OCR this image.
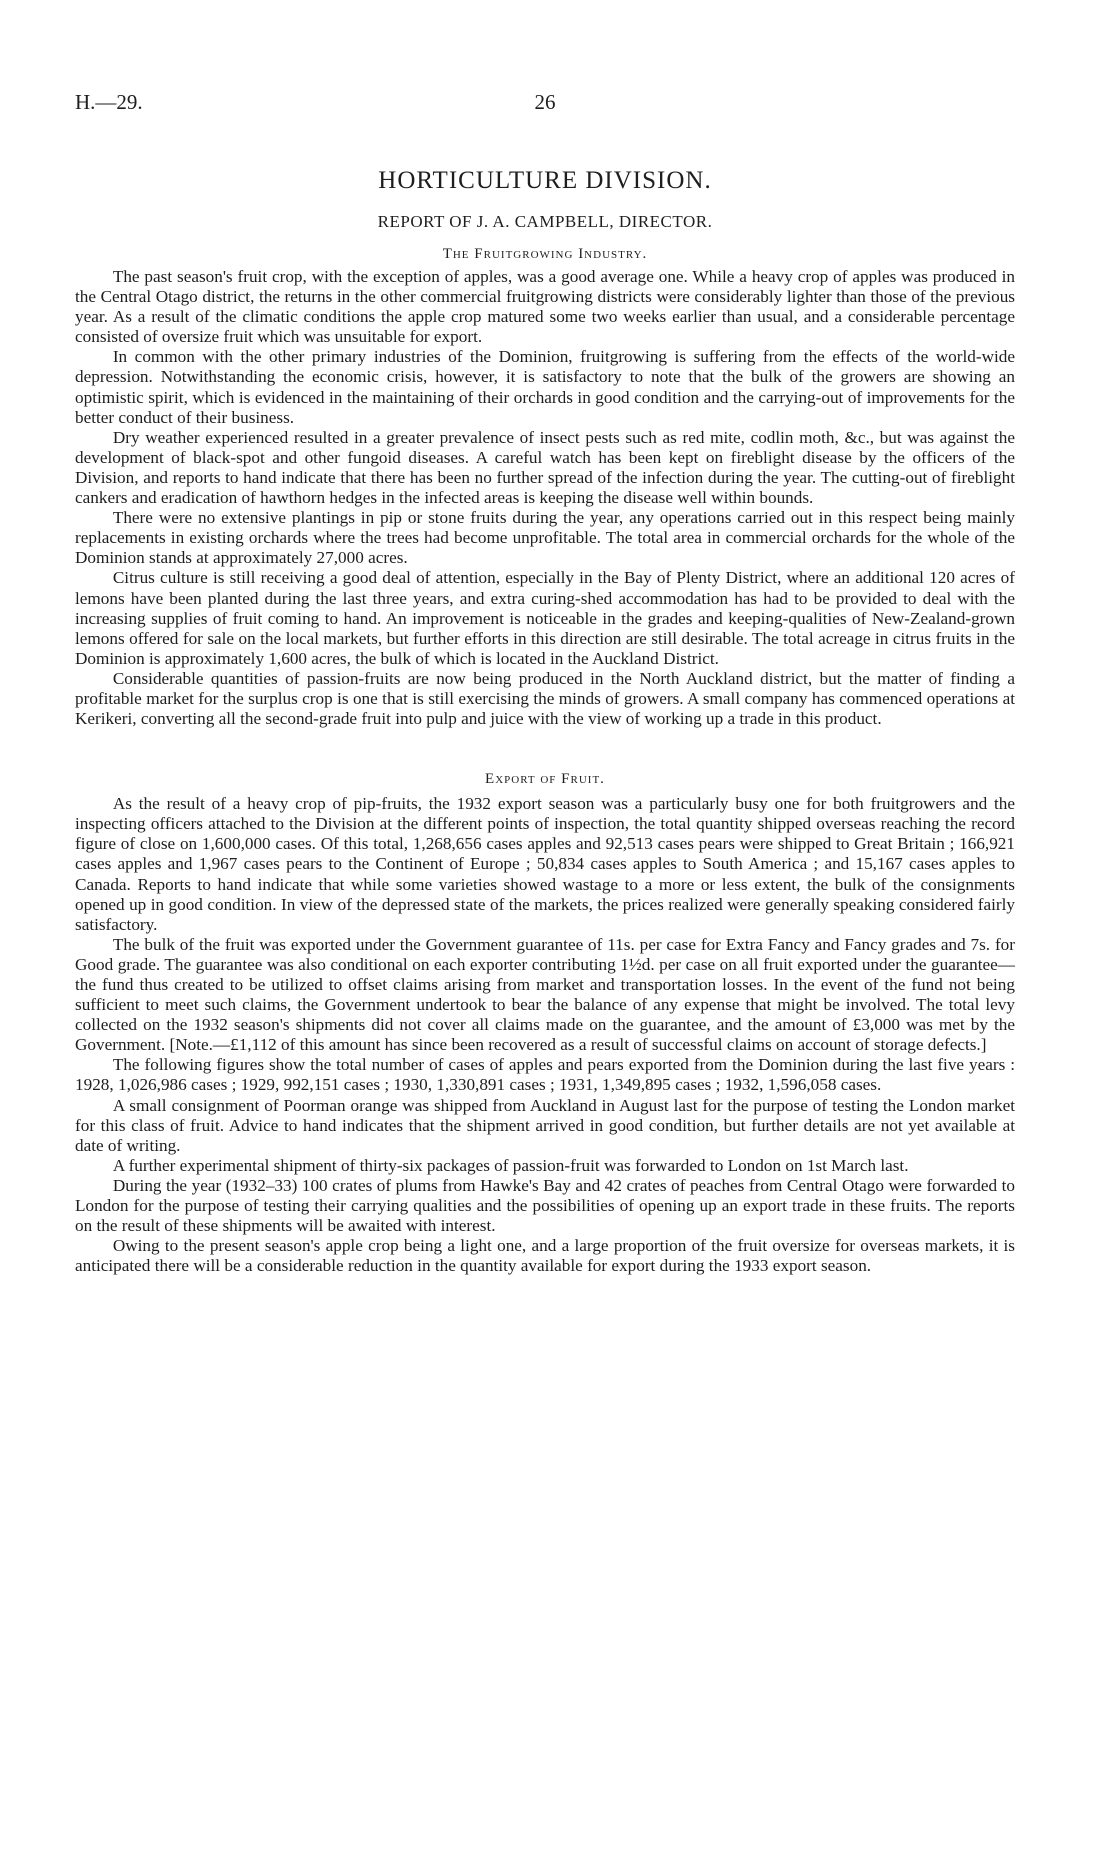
H.—29.	26
HORTICULTURE DIVISION.
REPORT OF J. A. CAMPBELL, DIRECTOR.
The Fruitgrowing Industry.

The past season's fruit crop, with the exception of apples, was a good average one. While a heavy crop of apples was produced in the Central Otago district, the returns in the other commercial fruitgrowing districts were considerably lighter than those of the previous year. As a result of the climatic conditions the apple crop matured some two weeks earlier than usual, and a considerable percentage consisted of oversize fruit which was unsuitable for export.

In common with the other primary industries of the Dominion, fruitgrowing is suffering from the effects of the world-wide depression. Notwithstanding the economic crisis, however, it is satisfactory to note that the bulk of the growers are showing an optimistic spirit, which is evidenced in the maintaining of their orchards in good condition and the carrying-out of improvements for the better conduct of their business.

Dry weather experienced resulted in a greater prevalence of insect pests such as red mite, codlin moth, &c., but was against the development of black-spot and other fungoid diseases. A careful watch has been kept on fireblight disease by the officers of the Division, and reports to hand indicate that there has been no further spread of the infection during the year. The cutting-out of fireblight cankers and eradication of hawthorn hedges in the infected areas is keeping the disease well within bounds.

There were no extensive plantings in pip or stone fruits during the year, any operations carried out in this respect being mainly replacements in existing orchards where the trees had become unprofitable. The total area in commercial orchards for the whole of the Dominion stands at approximately 27,000 acres.

Citrus culture is still receiving a good deal of attention, especially in the Bay of Plenty District, where an additional 120 acres of lemons have been planted during the last three years, and extra curing-shed accommodation has had to be provided to deal with the increasing supplies of fruit coming to hand. An improvement is noticeable in the grades and keeping-qualities of New-Zealand-grown lemons offered for sale on the local markets, but further efforts in this direction are still desirable. The total acreage in citrus fruits in the Dominion is approximately 1,600 acres, the bulk of which is located in the Auckland District.

Considerable quantities of passion-fruits are now being produced in the North Auckland district, but the matter of finding a profitable market for the surplus crop is one that is still exercising the minds of growers. A small company has commenced operations at Kerikeri, converting all the second-grade fruit into pulp and juice with the view of working up a trade in this product.

Export of Fruit.

As the result of a heavy crop of pip-fruits, the 1932 export season was a particularly busy one for both fruitgrowers and the inspecting officers attached to the Division at the different points of inspection, the total quantity shipped overseas reaching the record figure of close on 1,600,000 cases. Of this total, 1,268,656 cases apples and 92,513 cases pears were shipped to Great Britain ; 166,921 cases apples and 1,967 cases pears to the Continent of Europe ; 50,834 cases apples to South America ; and 15,167 cases apples to Canada. Reports to hand indicate that while some varieties showed wastage to a more or less extent, the bulk of the consignments opened up in good condition. In view of the depressed state of the markets, the prices realized were generally speaking considered fairly satisfactory.

The bulk of the fruit was exported under the Government guarantee of 11s. per case for Extra Fancy and Fancy grades and 7s. for Good grade. The guarantee was also conditional on each exporter contributing 1½d. per case on all fruit exported under the guarantee—the fund thus created to be utilized to offset claims arising from market and transportation losses. In the event of the fund not being sufficient to meet such claims, the Government undertook to bear the balance of any expense that might be involved. The total levy collected on the 1932 season's shipments did not cover all claims made on the guarantee, and the amount of £3,000 was met by the Government. [Note.—£1,112 of this amount has since been recovered as a result of successful claims on account of storage defects.]

The following figures show the total number of cases of apples and pears exported from the Dominion during the last five years : 1928, 1,026,986 cases ; 1929, 992,151 cases ; 1930, 1,330,891 cases ; 1931, 1,349,895 cases ; 1932, 1,596,058 cases.

A small consignment of Poorman orange was shipped from Auckland in August last for the purpose of testing the London market for this class of fruit. Advice to hand indicates that the shipment arrived in good condition, but further details are not yet available at date of writing.

A further experimental shipment of thirty-six packages of passion-fruit was forwarded to London on 1st March last.

During the year (1932–33) 100 crates of plums from Hawke's Bay and 42 crates of peaches from Central Otago were forwarded to London for the purpose of testing their carrying qualities and the possibilities of opening up an export trade in these fruits. The reports on the result of these shipments will be awaited with interest.

Owing to the present season's apple crop being a light one, and a large proportion of the fruit oversize for overseas markets, it is anticipated there will be a considerable reduction in the quantity available for export during the 1933 export season.
